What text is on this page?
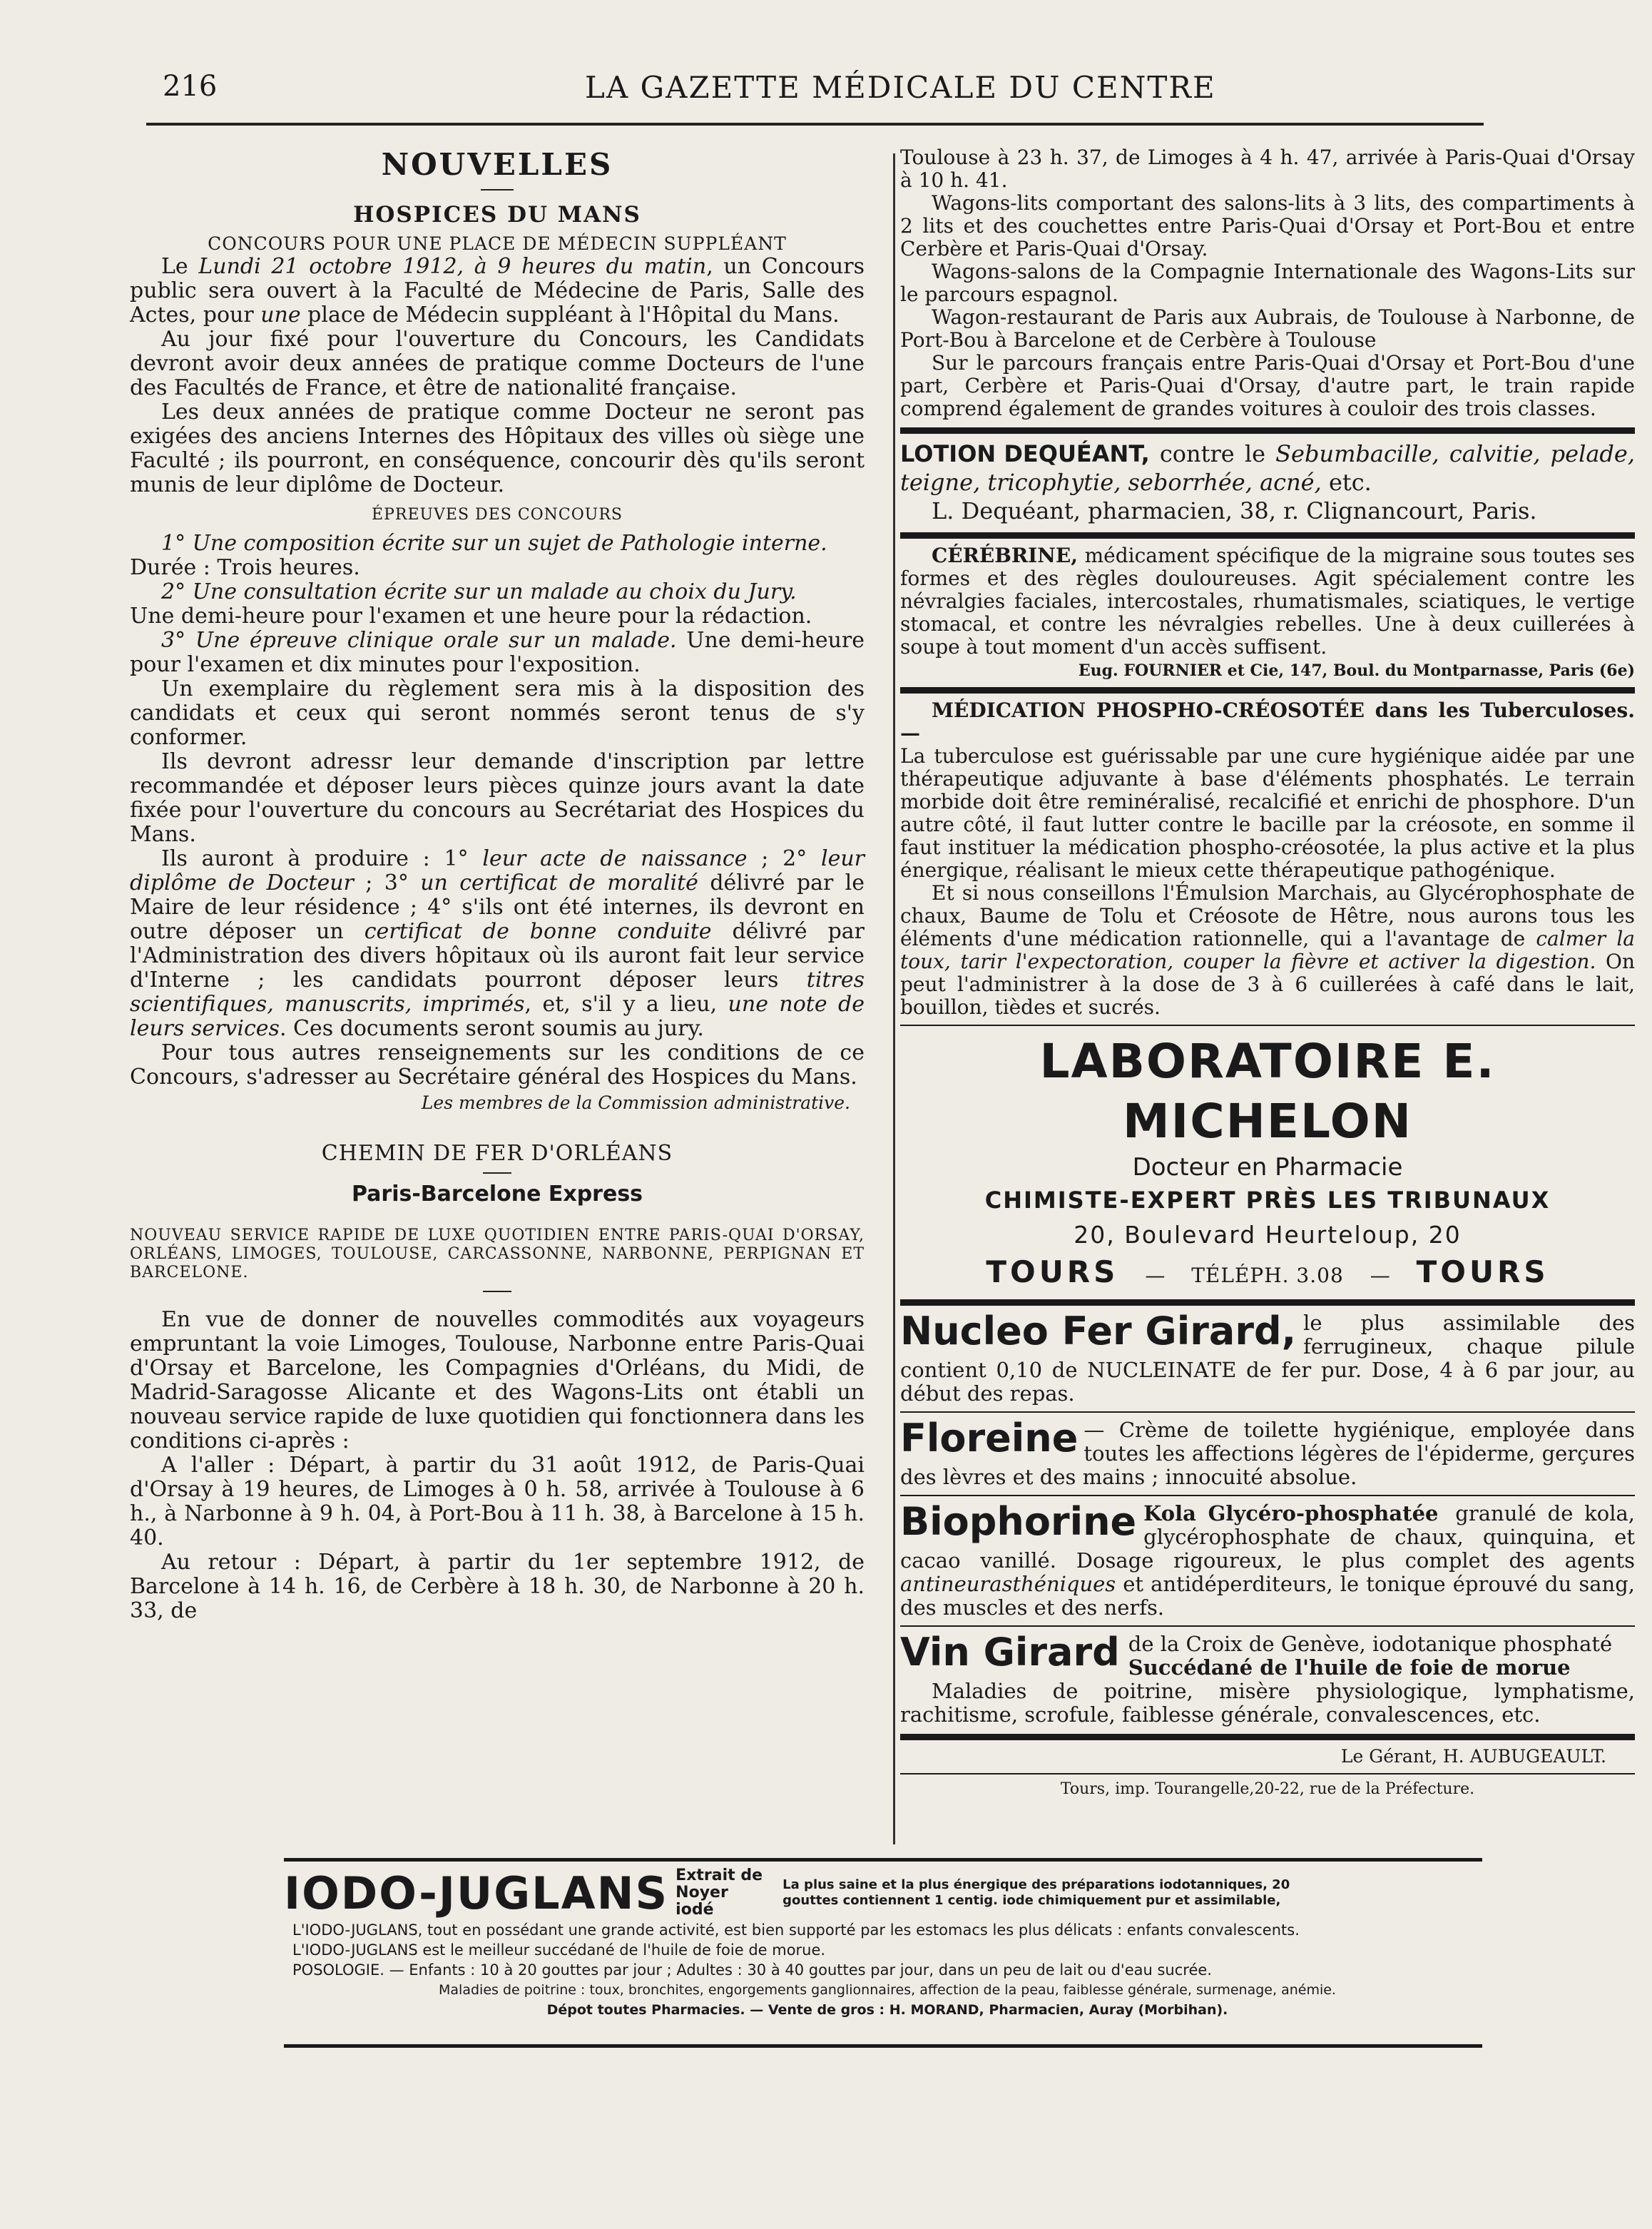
216	LA GAZETTE MÉDICALE DU CENTRE

NOUVELLES

HOSPICES DU MANS

CONCOURS POUR UNE PLACE DE MÉDECIN SUPPLÉANT

Le Lundi 21 octobre 1912, à 9 heures du matin, un Concours public sera ouvert à la Faculté de Médecine de Paris, Salle des Actes, pour une place de Médecin suppléant à l'Hôpital du Mans.

Au jour fixé pour l'ouverture du Concours, les Candidats devront avoir deux années de pratique comme Docteurs de l'une des Facultés de France, et être de nationalité française.

Les deux années de pratique comme Docteur ne seront pas exigées des anciens Internes des Hôpitaux des villes où siège une Faculté ; ils pourront, en conséquence, concourir dès qu'ils seront munis de leur diplôme de Docteur.

ÉPREUVES DES CONCOURS

1° Une composition écrite sur un sujet de Pathologie interne.

Durée : Trois heures.

2° Une consultation écrite sur un malade au choix du Jury.

Une demi-heure pour l'examen et une heure pour la rédaction.

3° Une épreuve clinique orale sur un malade. Une demi-heure pour l'examen et dix minutes pour l'exposition.

Un exemplaire du règlement sera mis à la disposition des candidats et ceux qui seront nommés seront tenus de s'y conformer.

Ils devront adressr leur demande d'inscription par lettre recommandée et déposer leurs pièces quinze jours avant la date fixée pour l'ouverture du concours au Secrétariat des Hospices du Mans.

Ils auront à produire : 1° leur acte de naissance ; 2° leur diplôme de Docteur ; 3° un certificat de moralité délivré par le Maire de leur résidence ; 4° s'ils ont été internes, ils devront en outre déposer un certificat de bonne conduite délivré par l'Administration des divers hôpitaux où ils auront fait leur service d'Interne ; les candidats pourront déposer leurs titres scientifiques, manuscrits, imprimés, et, s'il y a lieu, une note de leurs services. Ces documents seront soumis au jury.

Pour tous autres renseignements sur les conditions de ce Concours, s'adresser au Secrétaire général des Hospices du Mans.

Les membres de la Commission administrative.

CHEMIN DE FER D'ORLÉANS

Paris-Barcelone Express

NOUVEAU SERVICE RAPIDE DE LUXE QUOTIDIEN ENTRE PARIS-QUAI D'ORSAY, ORLÉANS, LIMOGES, TOULOUSE, CARCASSONNE, NARBONNE, PERPIGNAN ET BARCELONE.

En vue de donner de nouvelles commodités aux voyageurs empruntant la voie Limoges, Toulouse, Narbonne entre Paris-Quai d'Orsay et Barcelone, les Compagnies d'Orléans, du Midi, de Madrid-Saragosse Alicante et des Wagons-Lits ont établi un nouveau service rapide de luxe quotidien qui fonctionnera dans les conditions ci-après :

A l'aller : Départ, à partir du 31 août 1912, de Paris-Quai d'Orsay à 19 heures, de Limoges à 0 h. 58, arrivée à Toulouse à 6 h., à Narbonne à 9 h. 04, à Port-Bou à 11 h. 38, à Barcelone à 15 h. 40.

Au retour : Départ, à partir du 1er septembre 1912, de Barcelone à 14 h. 16, de Cerbère à 18 h. 30, de Narbonne à 20 h. 33, de

Toulouse à 23 h. 37, de Limoges à 4 h. 47, arrivée à Paris-Quai d'Orsay à 10 h. 41.

Wagons-lits comportant des salons-lits à 3 lits, des compartiments à 2 lits et des couchettes entre Paris-Quai d'Orsay et Port-Bou et entre Cerbère et Paris-Quai d'Orsay.

Wagons-salons de la Compagnie Internationale des Wagons-Lits sur le parcours espagnol.

Wagon-restaurant de Paris aux Aubrais, de Toulouse à Narbonne, de Port-Bou à Barcelone et de Cerbère à Toulouse

Sur le parcours français entre Paris-Quai d'Orsay et Port-Bou d'une part, Cerbère et Paris-Quai d'Orsay, d'autre part, le train rapide comprend également de grandes voitures à couloir des trois classes.

LOTION DEQUÉANT, contre le Sebumbacille, calvitie, pelade, teigne, tricophytie, seborrhée, acné, etc.

L. Dequéant, pharmacien, 38, r. Clignancourt, Paris.

CÉRÉBRINE, médicament spécifique de la migraine sous toutes ses formes et des règles douloureuses. Agit spécialement contre les névralgies faciales, intercostales, rhumatismales, sciatiques, le vertige stomacal, et contre les névralgies rebelles. Une à deux cuillerées à soupe à tout moment d'un accès suffisent.

Eug. FOURNIER et Cie, 147, Boul. du Montparnasse, Paris (6e)

MÉDICATION PHOSPHO-CRÉOSOTÉE dans les Tuberculoses.—

La tuberculose est guérissable par une cure hygiénique aidée par une thérapeutique adjuvante à base d'éléments phosphatés. Le terrain morbide doit être reminéralisé, recalcifié et enrichi de phosphore. D'un autre côté, il faut lutter contre le bacille par la créosote, en somme il faut instituer la médication phospho-créosotée, la plus active et la plus énergique, réalisant le mieux cette thérapeutique pathogénique.

Et si nous conseillons l'Émulsion Marchais, au Glycérophosphate de chaux, Baume de Tolu et Créosote de Hêtre, nous aurons tous les éléments d'une médication rationnelle, qui a l'avantage de calmer la toux, tarir l'expectoration, couper la fièvre et activer la digestion. On peut l'administrer à la dose de 3 à 6 cuillerées à café dans le lait, bouillon, tièdes et sucrés.

LABORATOIRE E. MICHELON

Docteur en Pharmacie

CHIMISTE-EXPERT PRÈS LES TRIBUNAUX

20, Boulevard Heurteloup, 20

TOURS — TÉLÉPH. 3.08 — TOURS

Nucleo Fer Girard, le plus assimilable des ferrugineux, chaque pilule contient 0,10 de NUCLEINATE de fer pur. Dose, 4 à 6 par jour, au début des repas.

Floreine — Crème de toilette hygiénique, employée dans toutes les affections légères de l'épiderme, gerçures des lèvres et des mains ; innocuité absolue.

Biophorine Kola Glycéro-phosphatée granulé de kola, glycérophosphate de chaux, quinquina, et cacao vanillé. Dosage rigoureux, le plus complet des agents antineurasthéniques et antidéperditeurs, le tonique éprouvé du sang, des muscles et des nerfs.

Vin Girard de la Croix de Genève, iodotanique phosphaté
Succédané de l'huile de foie de morue

Maladies de poitrine, misère physiologique, lymphatisme, rachitisme, scrofule, faiblesse générale, convalescences, etc.

Le Gérant, H. AUBUGEAULT.

Tours, imp. Tourangelle,20-22, rue de la Préfecture.

IODO-JUGLANS Extrait de Noyer iodé
La plus saine et la plus énergique des préparations iodotanniques, 20 gouttes contiennent 1 centig. iode chimiquement pur et assimilable,

L'IODO-JUGLANS, tout en possédant une grande activité, est bien supporté par les estomacs les plus délicats : enfants convalescents.

L'IODO-JUGLANS est le meilleur succédané de l'huile de foie de morue.

POSOLOGIE. — Enfants : 10 à 20 gouttes par jour ; Adultes : 30 à 40 gouttes par jour, dans un peu de lait ou d'eau sucrée.

Maladies de poitrine : toux, bronchites, engorgements ganglionnaires, affection de la peau, faiblesse générale, surmenage, anémie.

Dépot toutes Pharmacies. — Vente de gros : H. MORAND, Pharmacien, Auray (Morbihan).
